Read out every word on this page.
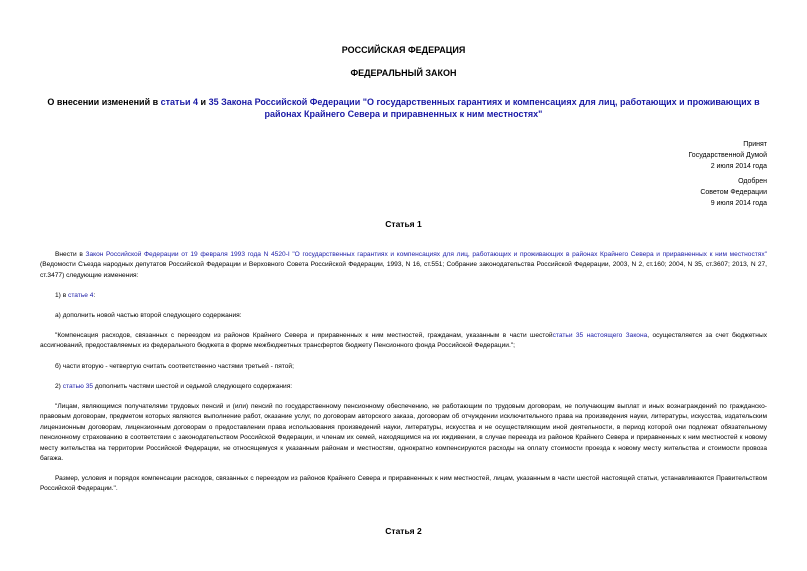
РОССИЙСКАЯ ФЕДЕРАЦИЯ
ФЕДЕРАЛЬНЫЙ ЗАКОН
О внесении изменений в статьи 4 и 35 Закона Российской Федерации "О государственных гарантиях и компенсациях для лиц, работающих и проживающих в районах Крайнего Севера и приравненных к ним местностях"
Принят
Государственной Думой
2 июля 2014 года
Одобрен
Советом Федерации
9 июля 2014 года
Статья 1
Внести в Закон Российской Федерации от 19 февраля 1993 года N 4520-I "О государственных гарантиях и компенсациях для лиц, работающих и проживающих в районах Крайнего Севера и приравненных к ним местностях" (Ведомости Съезда народных депутатов Российской Федерации и Верховного Совета Российской Федерации, 1993, N 16, ст.551; Собрание законодательства Российской Федерации, 2003, N 2, ст.160; 2004, N 35, ст.3607; 2013, N 27, ст.3477) следующие изменения:
1) в статье 4:
а) дополнить новой частью второй следующего содержания:
"Компенсация расходов, связанных с переездом из районов Крайнего Севера и приравненных к ним местностей, гражданам, указанным в части шестойстатьи 35 настоящего Закона, осуществляется за счет бюджетных ассигнований, предоставляемых из федерального бюджета в форме межбюджетных трансфертов бюджету Пенсионного фонда Российской Федерации.";
б) части вторую - четвертую считать соответственно частями третьей - пятой;
2) статью 35 дополнить частями шестой и седьмой следующего содержания:
"Лицам, являющимся получателями трудовых пенсий и (или) пенсий по государственному пенсионному обеспечению, не работающим по трудовым договорам, не получающим выплат и иных вознаграждений по гражданско-правовым договорам, предметом которых являются выполнение работ, оказание услуг, по договорам авторского заказа, договорам об отчуждении исключительного права на произведения науки, литературы, искусства, издательским лицензионным договорам, лицензионным договорам о предоставлении права использования произведений науки, литературы, искусства и не осуществляющим иной деятельности, в период которой они подлежат обязательному пенсионному страхованию в соответствии с законодательством Российской Федерации, и членам их семей, находящимся на их иждивении, в случае переезда из районов Крайнего Севера и приравненных к ним местностей к новому месту жительства на территории Российской Федерации, не относящемуся к указанным районам и местностям, однократно компенсируются расходы на оплату стоимости проезда к новому месту жительства и стоимости провоза багажа.
Размер, условия и порядок компенсации расходов, связанных с переездом из районов Крайнего Севера и приравненных к ним местностей, лицам, указанным в части шестой настоящей статьи, устанавливаются Правительством Российской Федерации.".
Статья 2
